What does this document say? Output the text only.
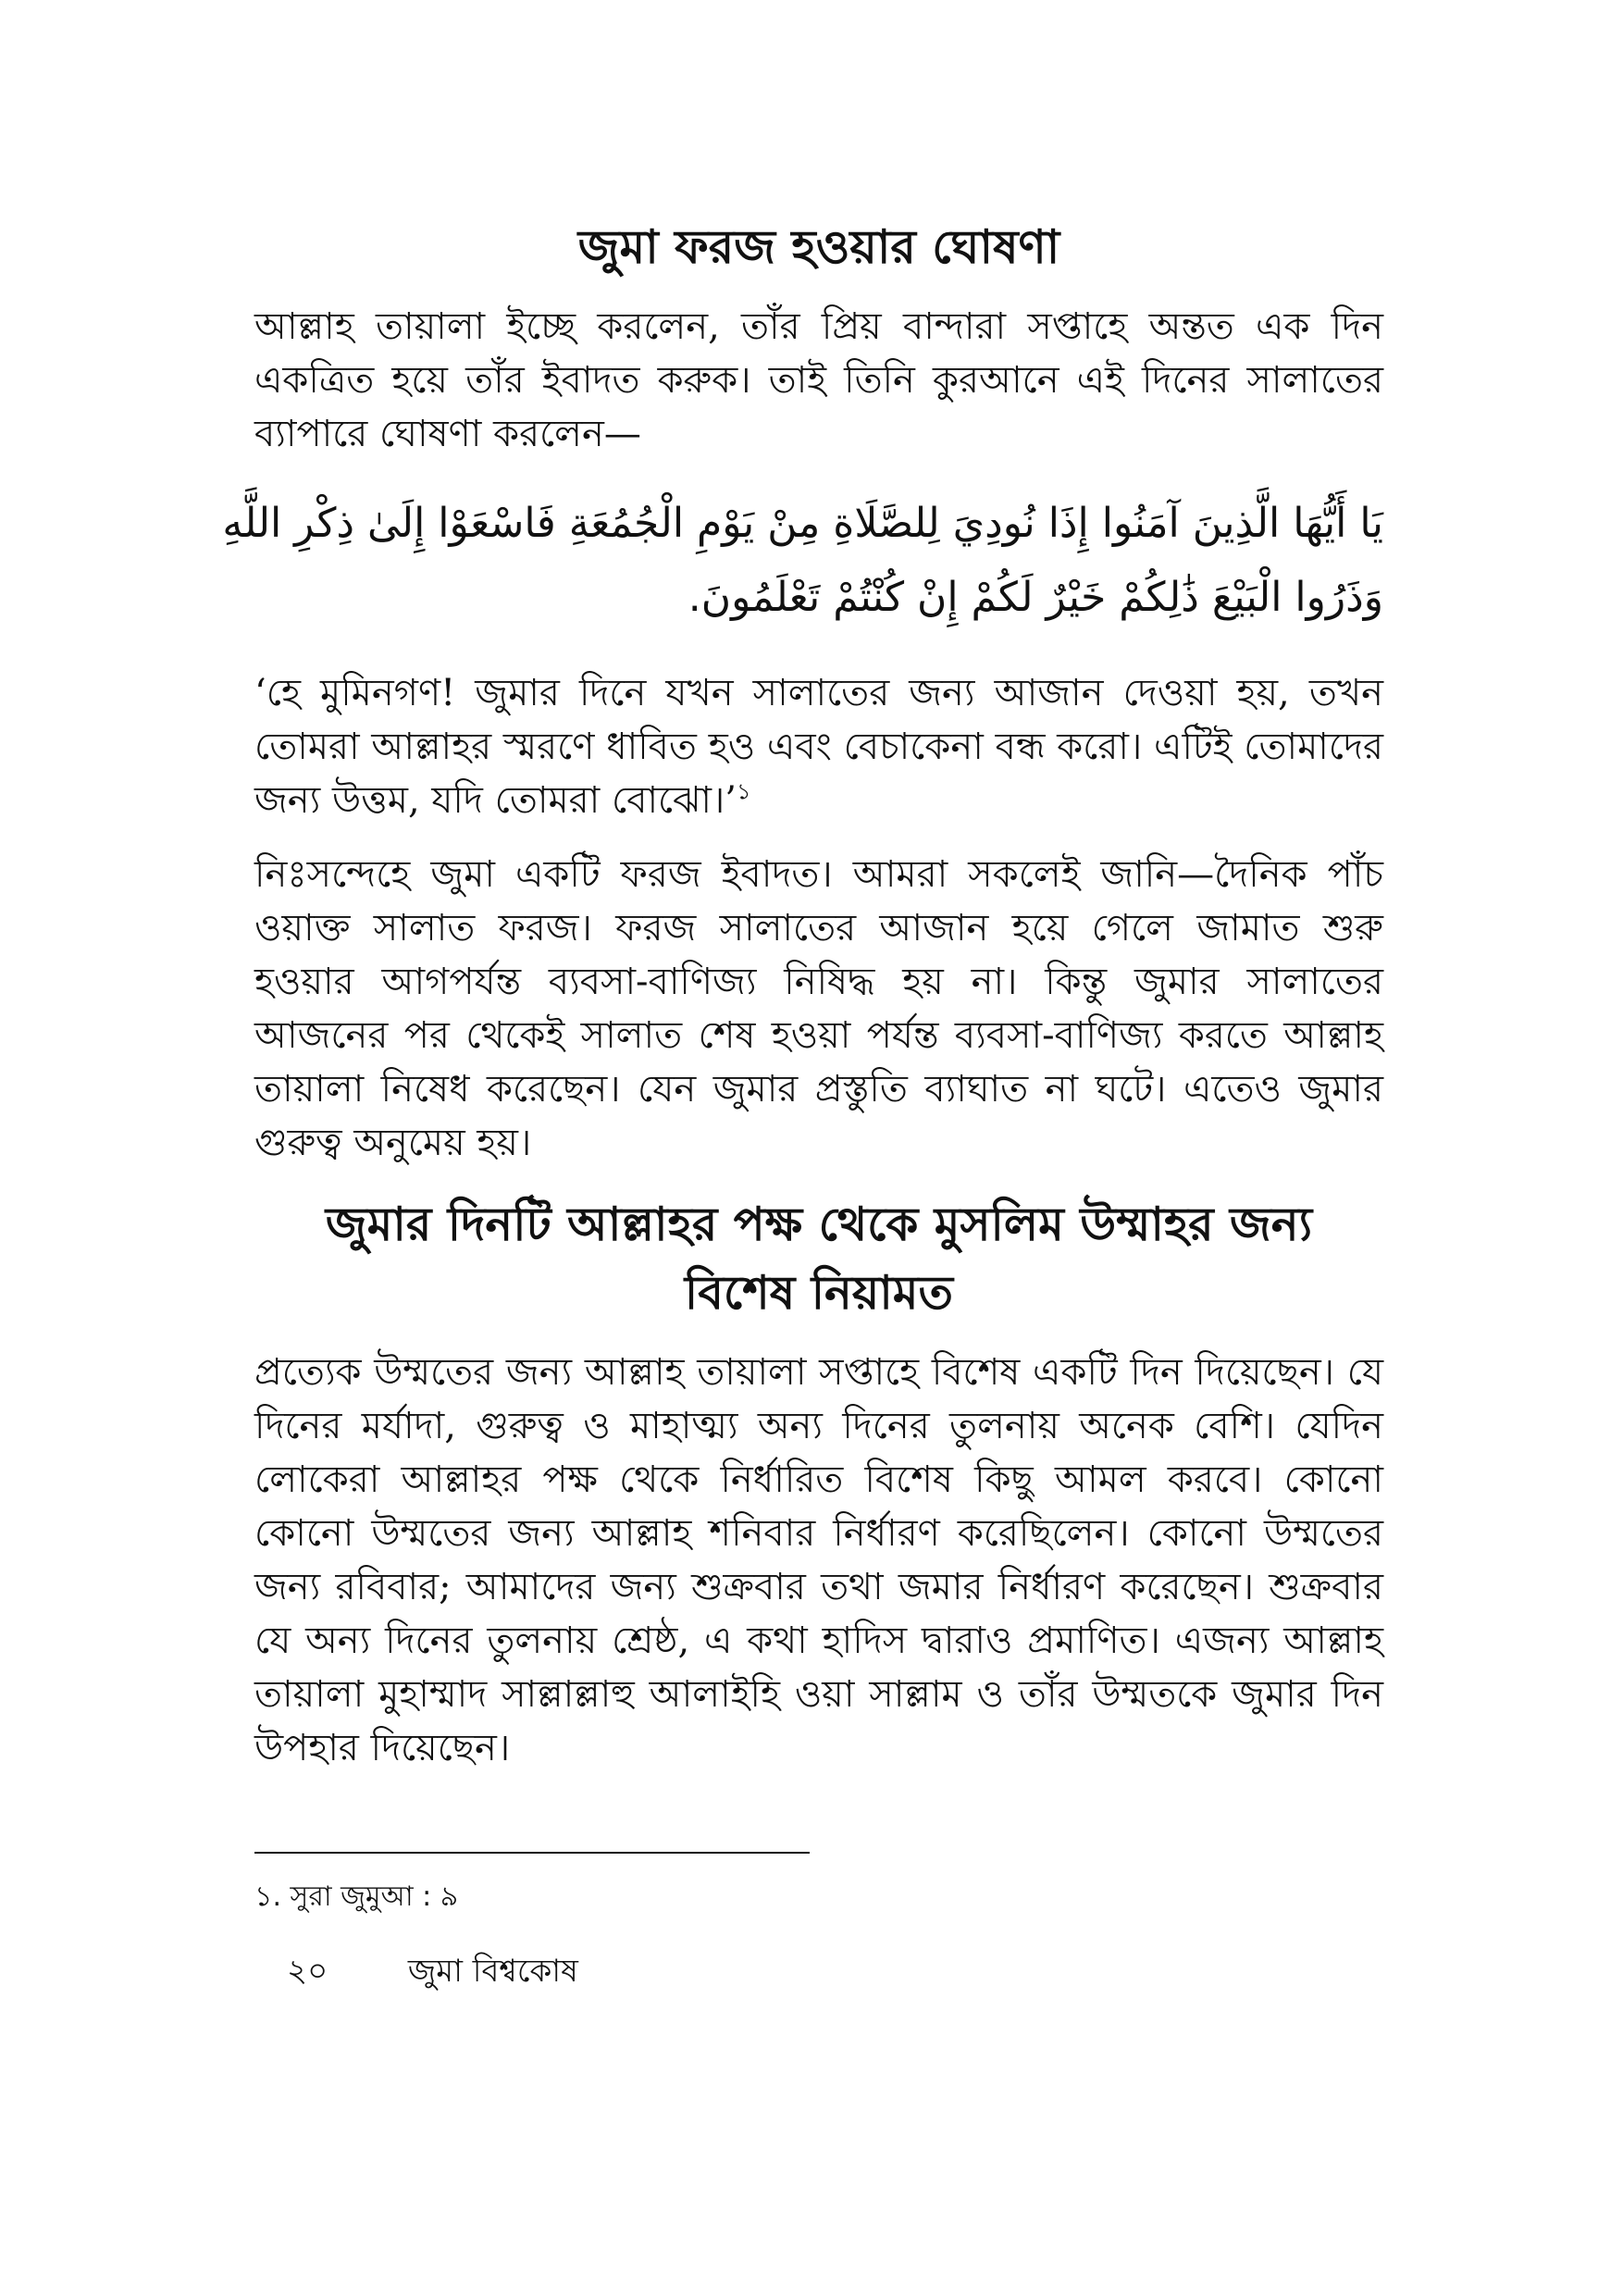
জুমা ফরজ হওয়ার ঘোষণা

আল্লাহ তায়ালা ইচ্ছে করলেন, তাঁর প্রিয় বান্দারা সপ্তাহে অন্তত এক দিন একত্রিত হয়ে তাঁর ইবাদত করুক। তাই তিনি কুরআনে এই দিনের সালাতের ব্যাপারে ঘোষণা করলেন—

يَا أَيُّهَا الَّذِينَ آمَنُوا إِذَا نُودِيَ لِلصَّلَاةِ مِنْ يَوْمِ الْجُمُعَةِ فَاسْعَوْا إِلَىٰ ذِكْرِ اللَّهِ
وَذَرُوا الْبَيْعَ ذَٰلِكُمْ خَيْرٌ لَكُمْ إِنْ كُنْتُمْ تَعْلَمُونَ.

‘হে মুমিনগণ! জুমার দিনে যখন সালাতের জন্য আজান দেওয়া হয়, তখন তোমরা আল্লাহর স্মরণে ধাবিত হও এবং বেচাকেনা বন্ধ করো। এটিই তোমাদের জন্য উত্তম, যদি তোমরা বোঝো।’$^১$

নিঃসন্দেহে জুমা একটি ফরজ ইবাদত। আমরা সকলেই জানি—দৈনিক পাঁচ ওয়াক্ত সালাত ফরজ। ফরজ সালাতের আজান হয়ে গেলে জামাত শুরু হওয়ার আগপর্যন্ত ব্যবসা-বাণিজ্য নিষিদ্ধ হয় না। কিন্তু জুমার সালাতের আজনের পর থেকেই সালাত শেষ হওয়া পর্যন্ত ব্যবসা-বাণিজ্য করতে আল্লাহ তায়ালা নিষেধ করেছেন। যেন জুমার প্রস্তুতি ব্যাঘাত না ঘটে। এতেও জুমার গুরুত্ব অনুমেয় হয়।

জুমার দিনটি আল্লাহর পক্ষ থেকে মুসলিম উম্মাহর জন্য
বিশেষ নিয়ামত

প্রত্যেক উম্মতের জন্য আল্লাহ তায়ালা সপ্তাহে বিশেষ একটি দিন দিয়েছেন। যে দিনের মর্যাদা, গুরুত্ব ও মাহাত্ম্য অন্য দিনের তুলনায় অনেক বেশি। যেদিন লোকেরা আল্লাহর পক্ষ থেকে নির্ধারিত বিশেষ কিছু আমল করবে। কোনো কোনো উম্মতের জন্য আল্লাহ শনিবার নির্ধারণ করেছিলেন। কোনো উম্মতের জন্য রবিবার; আমাদের জন্য শুক্রবার তথা জমার নির্ধারণ করেছেন। শুক্রবার যে অন্য দিনের তুলনায় শ্রেষ্ঠ, এ কথা হাদিস দ্বারাও প্রমাণিত। এজন্য আল্লাহ তায়ালা মুহাম্মাদ সাল্লাল্লাহু আলাইহি ওয়া সাল্লাম ও তাঁর উম্মতকে জুমার দিন উপহার দিয়েছেন।

১. সুরা জুমুআ : ৯
২০	জুমা বিশ্বকোষ
